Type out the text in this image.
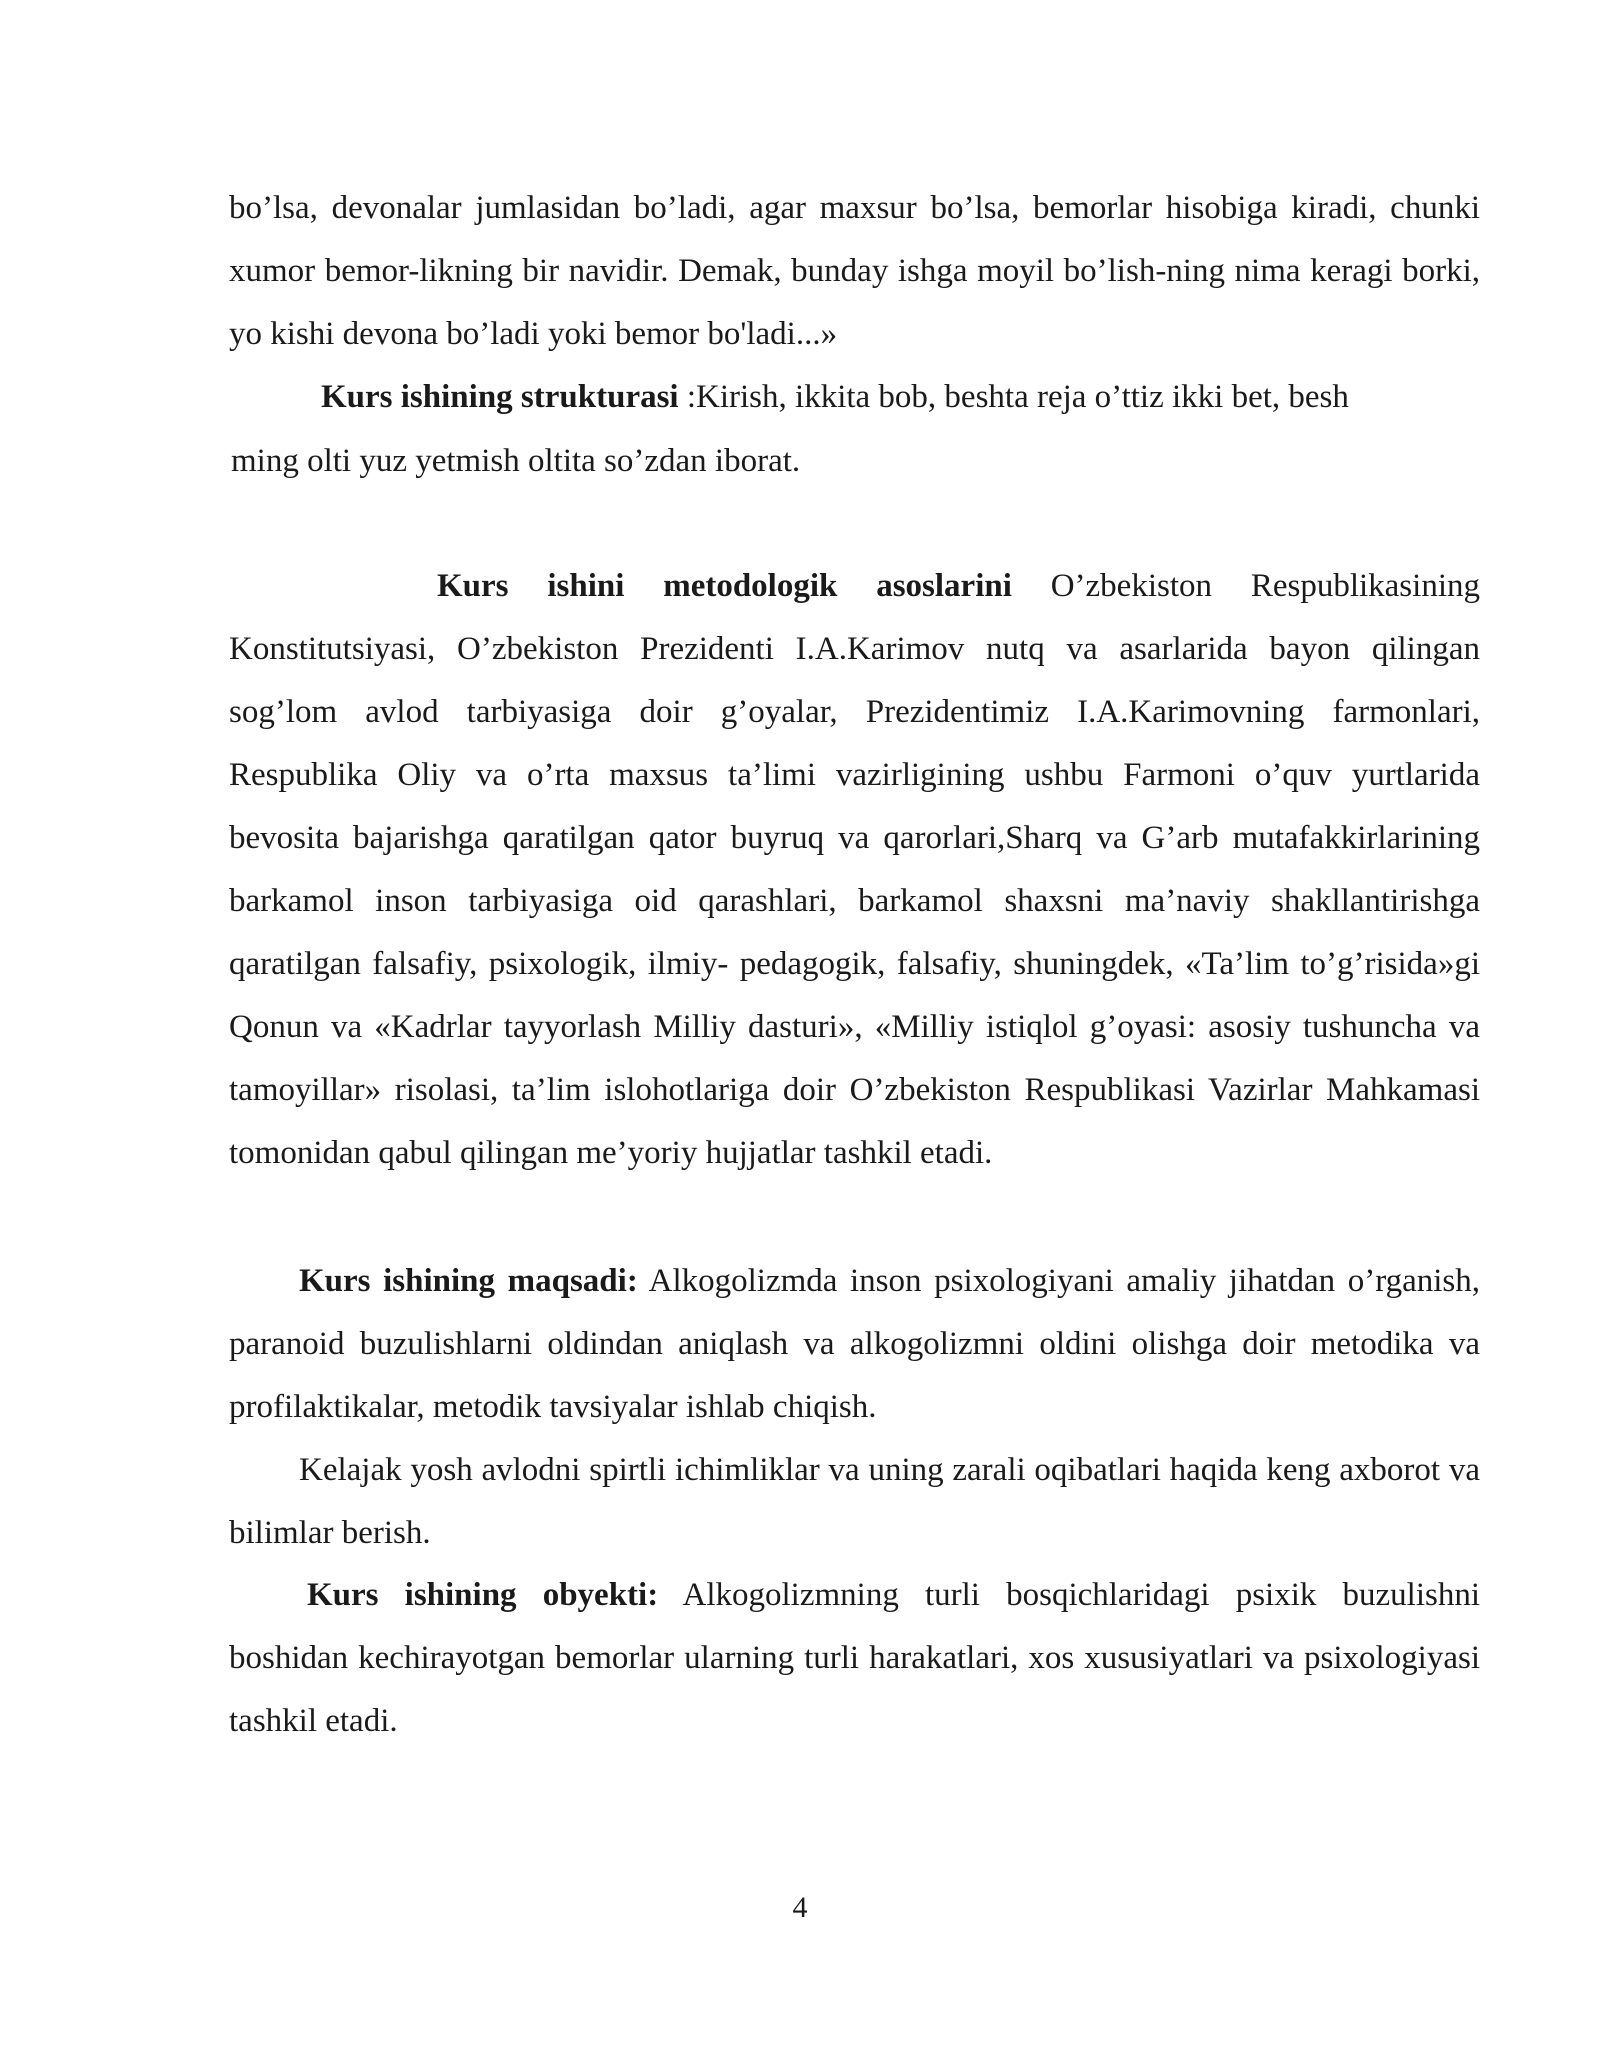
bo’lsa, devonalar jumlasidan bo’ladi, agar maxsur bo’lsa, bemorlar hisobiga kiradi, chunki xumor bemor-likning bir navidir. Demak, bunday ishga moyil bo’lish-ning nima keragi borki, yo kishi devona bo’ladi yoki bemor bo'ladi...»

Kurs ishining strukturasi :Kirish, ikkita bob, beshta reja o’ttiz ikki bet, besh

ming olti yuz yetmish oltita so’zdan iborat.

Kurs ishini metodologik asoslarini O’zbekiston Respublikasining Konstitutsiyasi, O’zbekiston Prezidenti I.A.Karimov nutq va asarlarida bayon qilingan sog’lom avlod tarbiyasiga doir g’oyalar, Prezidentimiz I.A.Karimovning farmonlari, Respublika Oliy va o’rta maxsus ta’limi vazirligining ushbu Farmoni o’quv yurtlarida bevosita bajarishga qaratilgan qator buyruq va qarorlari,Sharq va G’arb mutafakkirlarining barkamol inson tarbiyasiga oid qarashlari, barkamol shaxsni ma’naviy shakllantirishga qaratilgan falsafiy, psixologik, ilmiy- pedagogik, falsafiy, shuningdek, «Ta’lim to’g’risida»gi Qonun va «Kadrlar tayyorlash Milliy dasturi», «Milliy istiqlol g’oyasi: asosiy tushuncha va tamoyillar» risolasi, ta’lim islohotlariga doir O’zbekiston Respublikasi Vazirlar Mahkamasi tomonidan qabul qilingan me’yoriy hujjatlar tashkil etadi.

Kurs ishining maqsadi: Alkogolizmda inson psixologiyani amaliy jihatdan o’rganish, paranoid buzulishlarni oldindan aniqlash va alkogolizmni oldini olishga doir metodika va profilaktikalar, metodik tavsiyalar ishlab chiqish.

Kelajak yosh avlodni spirtli ichimliklar va uning zarali oqibatlari haqida keng axborot va bilimlar berish.

Kurs ishining obyekti: Alkogolizmning turli bosqichlaridagi psixik buzulishni boshidan kechirayotgan bemorlar ularning turli harakatlari, xos xususiyatlari va psixologiyasi tashkil etadi.

4
